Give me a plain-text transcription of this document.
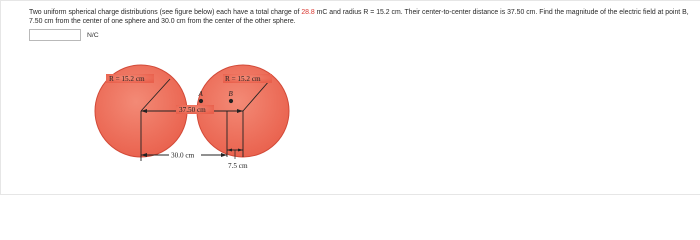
Two uniform spherical charge distributions (see figure below) each have a total charge of 28.8 mC and radius R = 15.2 cm. Their center-to-center distance is 37.50 cm. Find the magnitude of the electric field at point B, 7.50 cm from the center of one sphere and 30.0 cm from the center of the other sphere.
N/C
R = 15.2 cm	R = 15.2 cm
A	B
37.50 cm
30.0 cm
7.5 cm
